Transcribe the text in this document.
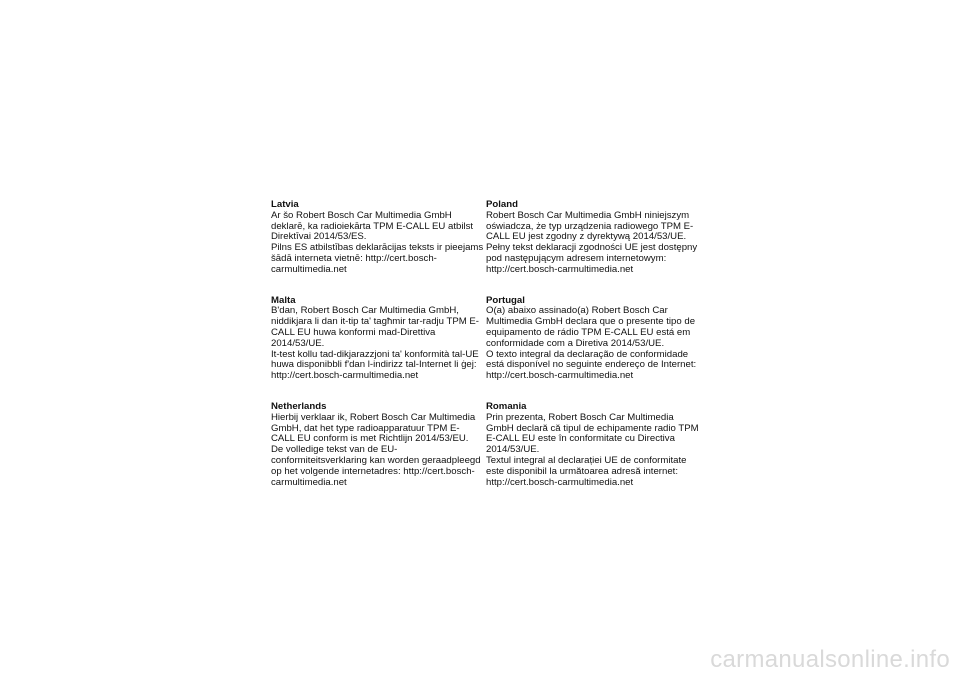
Latvia
Ar šo Robert Bosch Car Multimedia GmbH
deklarē, ka radioiekārta TPM E-CALL EU atbilst
Direktīvai 2014/53/ES.
Pilns ES atbilstības deklarācijas teksts ir pieejams
šādā interneta vietnē: http://cert.bosch-
carmultimedia.net
Malta
B'dan, Robert Bosch Car Multimedia GmbH,
niddikjara li dan it-tip ta' tagħmir tar-radju TPM E-
CALL EU huwa konformi mad-Direttiva
2014/53/UE.
It-test kollu tad-dikjarazzjoni ta' konformità tal-UE
huwa disponibbli f'dan l-indirizz tal-Internet li ġej:
http://cert.bosch-carmultimedia.net
Netherlands
Hierbij verklaar ik, Robert Bosch Car Multimedia
GmbH, dat het type radioapparatuur TPM E-
CALL EU conform is met Richtlijn 2014/53/EU.
De volledige tekst van de EU-
conformiteitsverklaring kan worden geraadpleegd
op het volgende internetadres: http://cert.bosch-
carmultimedia.net
Poland
Robert Bosch Car Multimedia GmbH niniejszym
oświadcza, że typ urządzenia radiowego TPM E-
CALL EU jest zgodny z dyrektywą 2014/53/UE.
Pełny tekst deklaracji zgodności UE jest dostępny
pod następującym adresem internetowym:
http://cert.bosch-carmultimedia.net
Portugal
O(a) abaixo assinado(a) Robert Bosch Car
Multimedia GmbH declara que o presente tipo de
equipamento de rádio TPM E-CALL EU está em
conformidade com a Diretiva 2014/53/UE.
O texto integral da declaração de conformidade
está disponível no seguinte endereço de Internet:
http://cert.bosch-carmultimedia.net
Romania
Prin prezenta, Robert Bosch Car Multimedia
GmbH declară că tipul de echipamente radio TPM
E-CALL EU este în conformitate cu Directiva
2014/53/UE.
Textul integral al declarației UE de conformitate
este disponibil la următoarea adresă internet:
http://cert.bosch-carmultimedia.net
carmanualsonline.info
